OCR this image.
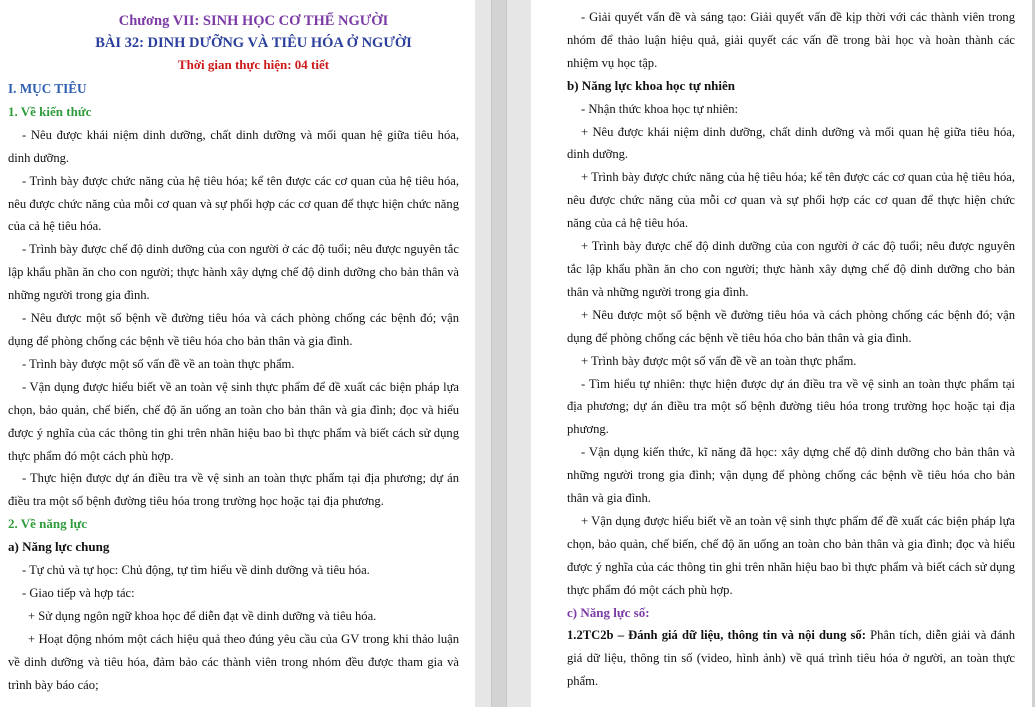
Chương VII: SINH HỌC CƠ THỂ NGƯỜI
BÀI 32: DINH DƯỠNG VÀ TIÊU HÓA Ở NGƯỜI
Thời gian thực hiện: 04 tiết
I. MỤC TIÊU
1. Về kiến thức

- Nêu được khái niệm dinh dưỡng, chất dinh dưỡng và mối quan hệ giữa tiêu hóa, dinh dưỡng.

- Trình bày được chức năng của hệ tiêu hóa; kể tên được các cơ quan của hệ tiêu hóa, nêu được chức năng của mỗi cơ quan và sự phối hợp các cơ quan để thực hiện chức năng của cả hệ tiêu hóa.

- Trình bày được chế độ dinh dưỡng của con người ở các độ tuổi; nêu được nguyên tắc lập khẩu phần ăn cho con người; thực hành xây dựng chế độ dinh dưỡng cho bản thân và những người trong gia đình.

- Nêu được một số bệnh về đường tiêu hóa và cách phòng chống các bệnh đó; vận dụng để phòng chống các bệnh về tiêu hóa cho bản thân và gia đình.

- Trình bày được một số vấn đề về an toàn thực phẩm.

- Vận dụng được hiểu biết về an toàn vệ sinh thực phẩm để đề xuất các biện pháp lựa chọn, bảo quản, chế biến, chế độ ăn uống an toàn cho bản thân và gia đình; đọc và hiểu được ý nghĩa của các thông tin ghi trên nhãn hiệu bao bì thực phẩm và biết cách sử dụng thực phẩm đó một cách phù hợp.

- Thực hiện được dự án điều tra về vệ sinh an toàn thực phẩm tại địa phương; dự án điều tra một số bệnh đường tiêu hóa trong trường học hoặc tại địa phương.

2. Về năng lực
a) Năng lực chung

- Tự chủ và tự học: Chủ động, tự tìm hiểu về dinh dưỡng và tiêu hóa.

- Giao tiếp và hợp tác:

+ Sử dụng ngôn ngữ khoa học để diễn đạt về dinh dưỡng và tiêu hóa.

+ Hoạt động nhóm một cách hiệu quả theo đúng yêu cầu của GV trong khi thảo luận về dinh dưỡng và tiêu hóa, đảm bảo các thành viên trong nhóm đều được tham gia và trình bày báo cáo;

- Giải quyết vấn đề và sáng tạo: Giải quyết vấn đề kịp thời với các thành viên trong nhóm để thảo luận hiệu quả, giải quyết các vấn đề trong bài học và hoàn thành các nhiệm vụ học tập.

b) Năng lực khoa học tự nhiên

- Nhận thức khoa học tự nhiên:

+ Nêu được khái niệm dinh dưỡng, chất dinh dưỡng và mối quan hệ giữa tiêu hóa, dinh dưỡng.

+ Trình bày được chức năng của hệ tiêu hóa; kể tên được các cơ quan của hệ tiêu hóa, nêu được chức năng của mỗi cơ quan và sự phối hợp các cơ quan để thực hiện chức năng của cả hệ tiêu hóa.

+ Trình bày được chế độ dinh dưỡng của con người ở các độ tuổi; nêu được nguyên tắc lập khẩu phần ăn cho con người; thực hành xây dựng chế độ dinh dưỡng cho bản thân và những người trong gia đình.

+ Nêu được một số bệnh về đường tiêu hóa và cách phòng chống các bệnh đó; vận dụng để phòng chống các bệnh về tiêu hóa cho bản thân và gia đình.

+ Trình bày được một số vấn đề về an toàn thực phẩm.

- Tìm hiểu tự nhiên: thực hiện được dự án điều tra về vệ sinh an toàn thực phẩm tại địa phương; dự án điều tra một số bệnh đường tiêu hóa trong trường học hoặc tại địa phương.

- Vận dụng kiến thức, kĩ năng đã học: xây dựng chế độ dinh dưỡng cho bản thân và những người trong gia đình; vận dụng để phòng chống các bệnh về tiêu hóa cho bản thân và gia đình.

+ Vận dụng được hiểu biết về an toàn vệ sinh thực phẩm để đề xuất các biện pháp lựa chọn, bảo quản, chế biến, chế độ ăn uống an toàn cho bản thân và gia đình; đọc và hiểu được ý nghĩa của các thông tin ghi trên nhãn hiệu bao bì thực phẩm và biết cách sử dụng thực phẩm đó một cách phù hợp.

c) Năng lực số:

1.2TC2b – Đánh giá dữ liệu, thông tin và nội dung số: Phân tích, diễn giải và đánh giá dữ liệu, thông tin số (video, hình ảnh) về quá trình tiêu hóa ở người, an toàn thực phẩm.
